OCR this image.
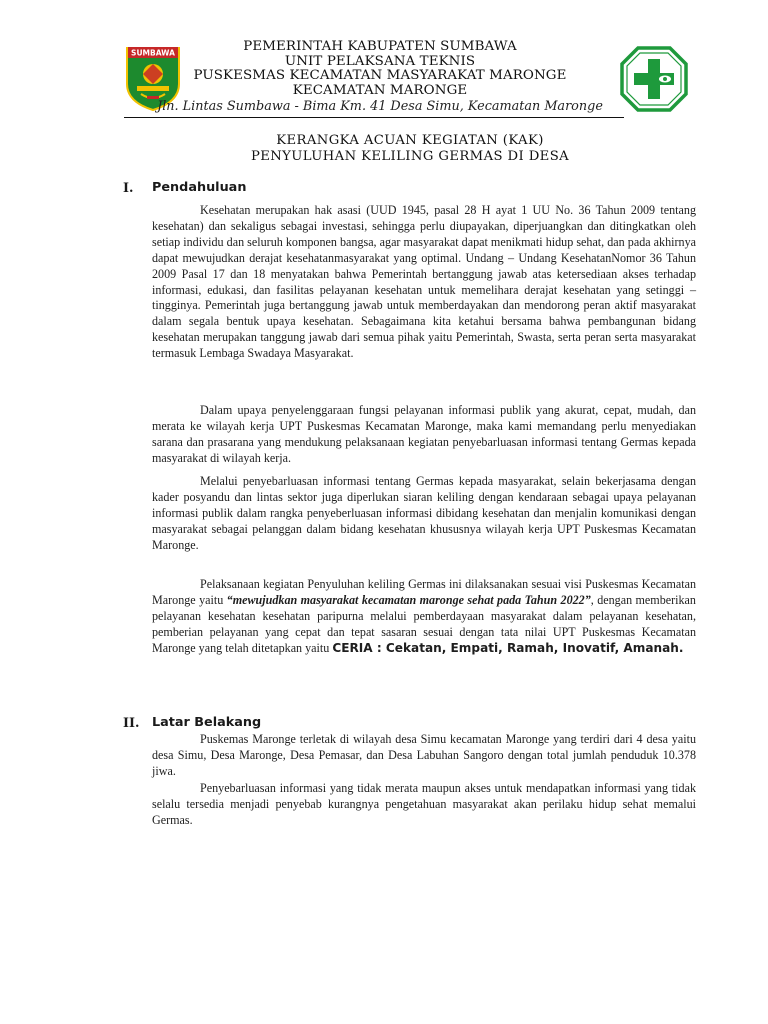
SUMBAWA	PEMERINTAH KABUPATEN SUMBAWA
UNIT PELAKSANA TEKNIS
PUSKESMAS KECAMATAN MASYARAKAT MARONGE
KECAMATAN MARONGE
Jln. Lintas Sumbawa - Bima Km. 41 Desa Simu, Kecamatan Maronge
KERANGKA ACUAN KEGIATAN (KAK)
PENYULUHAN KELILING GERMAS DI DESA
I. Pendahuluan
Kesehatan merupakan hak asasi (UUD 1945, pasal 28 H ayat 1 UU No. 36 Tahun 2009 tentang kesehatan) dan sekaligus sebagai investasi, sehingga perlu diupayakan, diperjuangkan dan ditingkatkan oleh setiap individu dan seluruh komponen bangsa, agar masyarakat dapat menikmati hidup sehat, dan pada akhirnya dapat mewujudkan derajat kesehatanmasyarakat yang optimal. Undang – Undang KesehatanNomor 36 Tahun 2009 Pasal 17 dan 18 menyatakan bahwa Pemerintah bertanggung jawab atas ketersediaan akses terhadap informasi, edukasi, dan fasilitas pelayanan kesehatan untuk memelihara derajat kesehatan yang setinggi – tingginya. Pemerintah juga bertanggung jawab untuk memberdayakan dan mendorong peran aktif masyarakat dalam segala bentuk upaya kesehatan. Sebagaimana kita ketahui bersama bahwa pembangunan bidang kesehatan merupakan tanggung jawab dari semua pihak yaitu Pemerintah, Swasta, serta peran serta masyarakat termasuk Lembaga Swadaya Masyarakat.
Dalam upaya penyelenggaraan fungsi pelayanan informasi publik yang akurat, cepat, mudah, dan merata ke wilayah kerja UPT Puskesmas Kecamatan Maronge, maka kami memandang perlu menyediakan sarana dan prasarana yang mendukung pelaksanaan kegiatan penyebarluasan informasi tentang Germas kepada masyarakat di wilayah kerja.
Melalui penyebarluasan informasi tentang Germas kepada masyarakat, selain bekerjasama dengan kader posyandu dan lintas sektor juga diperlukan siaran keliling dengan kendaraan sebagai upaya pelayanan informasi publik dalam rangka penyeberluasan informasi dibidang kesehatan dan menjalin komunikasi dengan masyarakat sebagai pelanggan dalam bidang kesehatan khususnya wilayah kerja UPT Puskesmas Kecamatan Maronge.
Pelaksanaan kegiatan Penyuluhan keliling Germas ini dilaksanakan sesuai visi Puskesmas Kecamatan Maronge yaitu “mewujudkan masyarakat kecamatan maronge sehat pada Tahun 2022”, dengan memberikan pelayanan kesehatan kesehatan paripurna melalui pemberdayaan masyarakat dalam pelayanan kesehatan, pemberian pelayanan yang cepat dan tepat sasaran sesuai dengan tata nilai UPT Puskesmas Kecamatan Maronge yang telah ditetapkan yaitu CERIA : Cekatan, Empati, Ramah, Inovatif, Amanah.
II. Latar Belakang
Puskemas Maronge terletak di wilayah desa Simu kecamatan Maronge yang terdiri dari 4 desa yaitu desa Simu, Desa Maronge, Desa Pemasar, dan Desa Labuhan Sangoro dengan total jumlah penduduk 10.378 jiwa.
Penyebarluasan informasi yang tidak merata maupun akses untuk mendapatkan informasi yang tidak selalu tersedia menjadi penyebab kurangnya pengetahuan masyarakat akan perilaku hidup sehat memalui Germas.
